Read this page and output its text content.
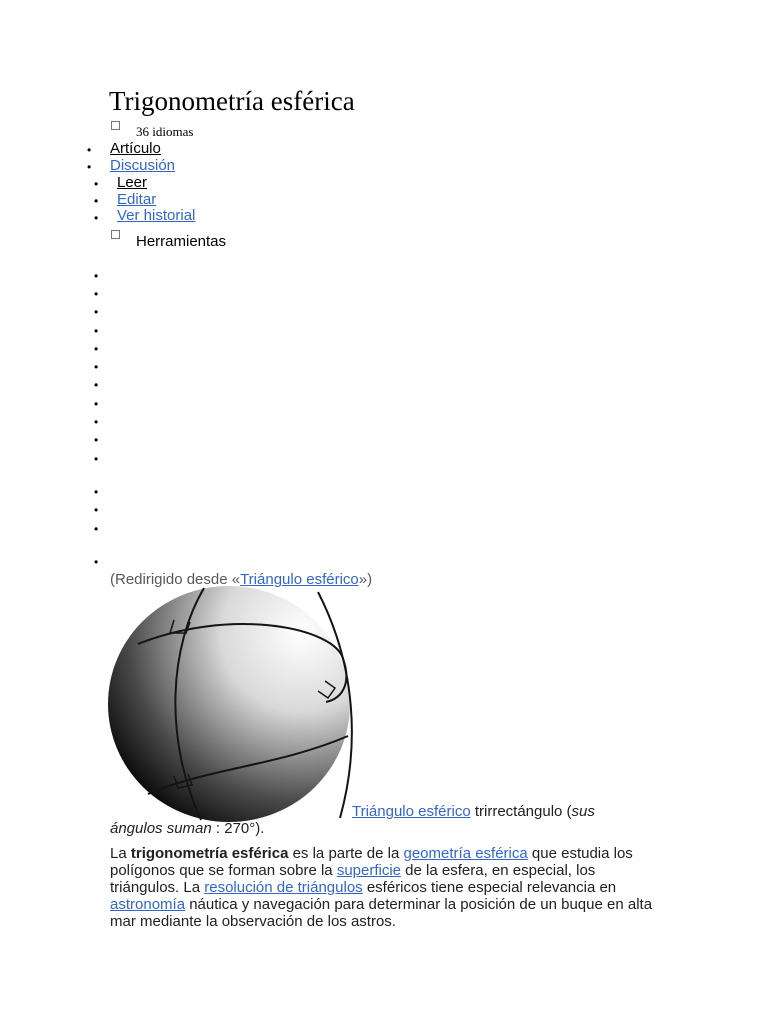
Trigonometría esférica
36 idiomas
• Artículo
• Discusión
• Leer
• Editar
• Ver historial
Herramientas
•
•
•
•
•
•
•
•
•
•
•
•
•
•
•
(Redirigido desde «Triángulo esférico»)
Triángulo esférico trirrectángulo (sus ángulos suman : 270°).
La trigonometría esférica es la parte de la geometría esférica que estudia los polígonos que se forman sobre la superficie de la esfera, en especial, los triángulos. La resolución de triángulos esféricos tiene especial relevancia en astronomía náutica y navegación para determinar la posición de un buque en alta mar mediante la observación de los astros.
